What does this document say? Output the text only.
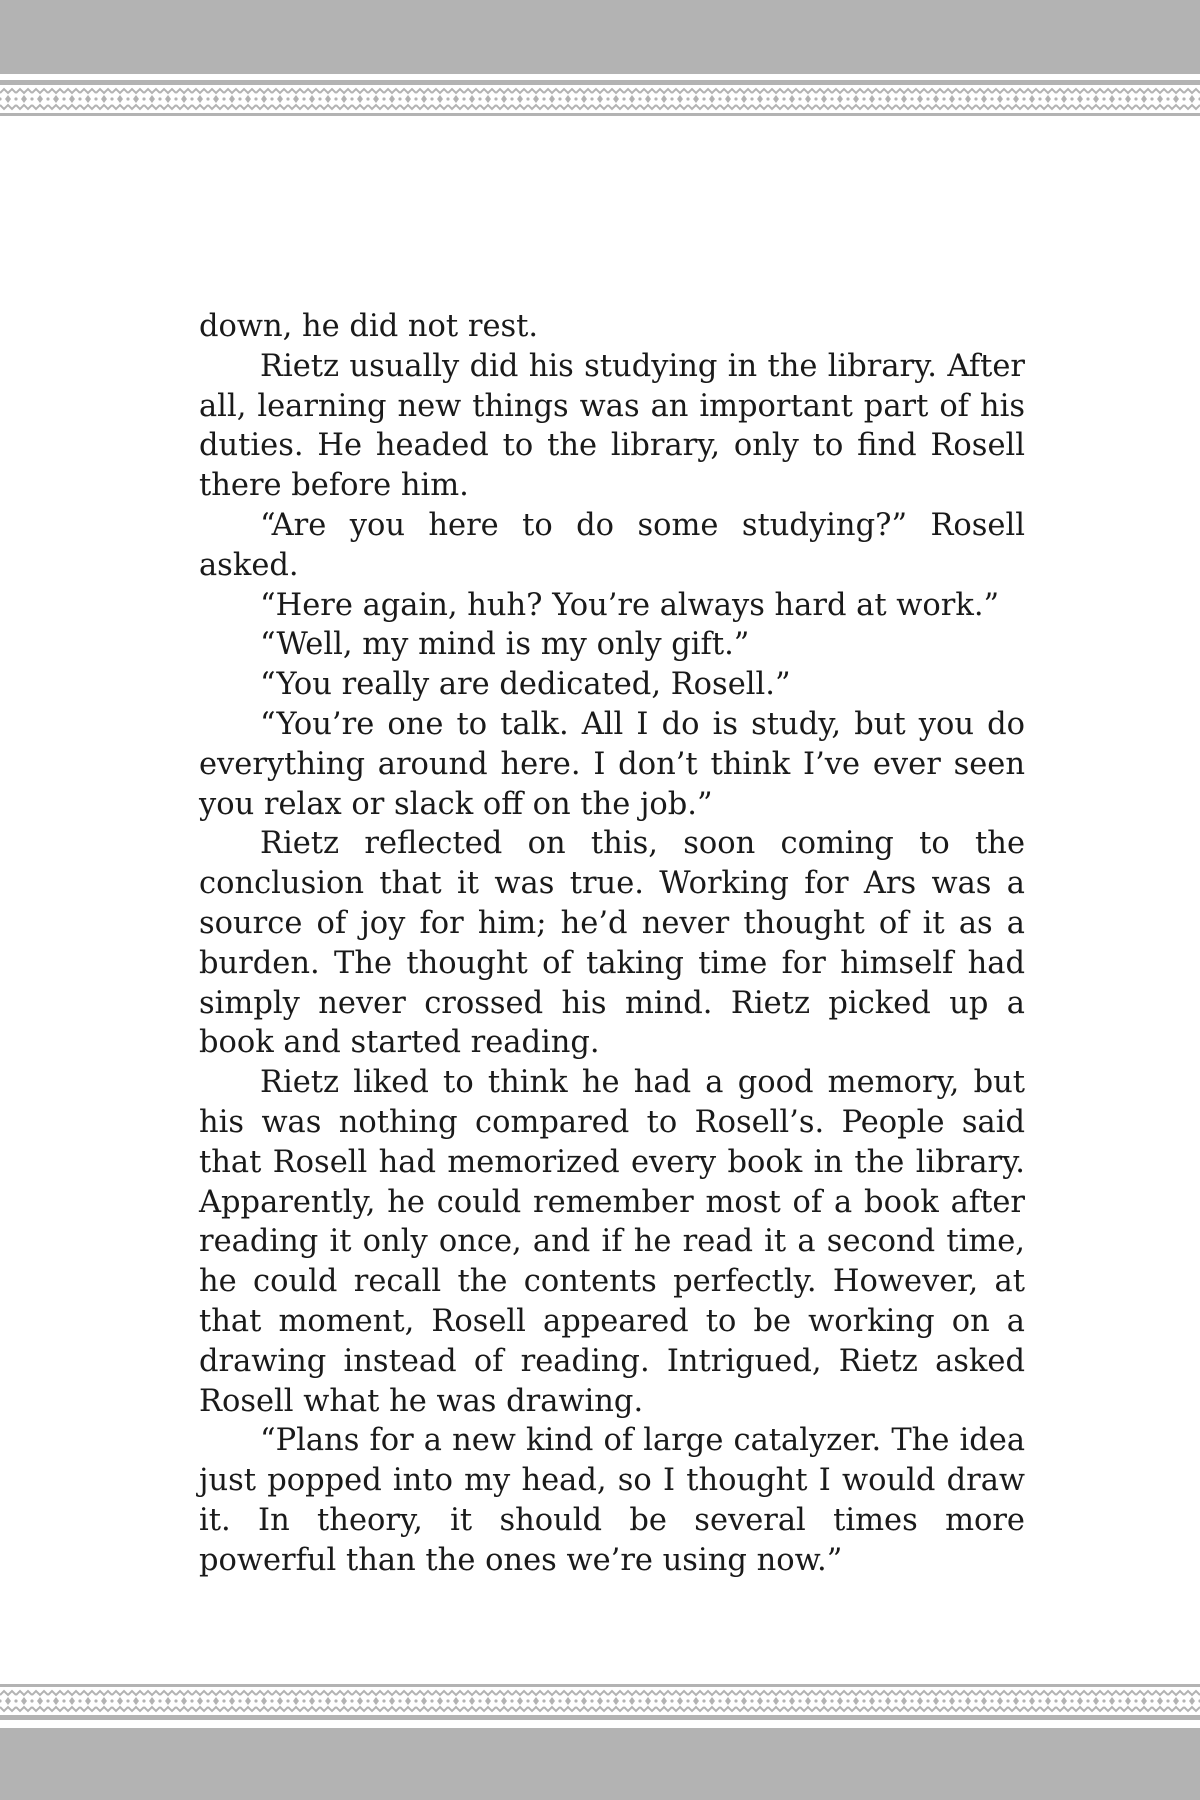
down, he did not rest.

Rietz usually did his studying in the library. After all, learning new things was an important part of his duties. He headed to the library, only to find Rosell there before him.

“Are you here to do some studying?” Rosell asked.

“Here again, huh? You’re always hard at work.”

“Well, my mind is my only gift.”

“You really are dedicated, Rosell.”

“You’re one to talk. All I do is study, but you do everything around here. I don’t think I’ve ever seen you relax or slack off on the job.”

Rietz reflected on this, soon coming to the conclusion that it was true. Working for Ars was a source of joy for him; he’d never thought of it as a burden. The thought of taking time for himself had simply never crossed his mind. Rietz picked up a book and started reading.

Rietz liked to think he had a good memory, but his was nothing compared to Rosell’s. People said that Rosell had memorized every book in the library. Apparently, he could remember most of a book after reading it only once, and if he read it a second time, he could recall the contents perfectly. However, at that moment, Rosell appeared to be working on a drawing instead of reading. Intrigued, Rietz asked Rosell what he was drawing.

“Plans for a new kind of large catalyzer. The idea just popped into my head, so I thought I would draw it. In theory, it should be several times more powerful than the ones we’re using now.”
